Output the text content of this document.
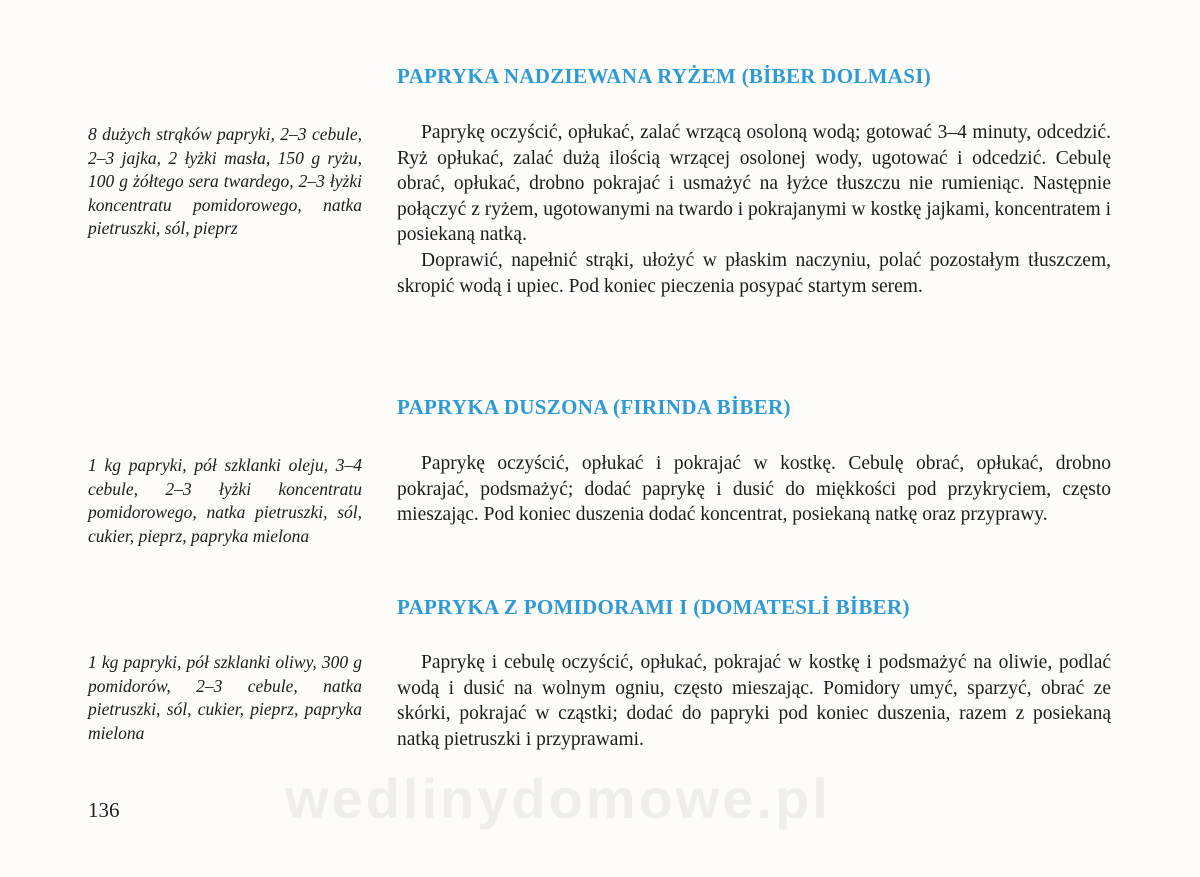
PAPRYKA NADZIEWANA RYŻEM (BİBER DOLMASI)

8 dużych strąków papryki, 2–3 cebule, 2–3 jajka, 2 łyżki masła, 150 g ryżu, 100 g żółtego sera twardego, 2–3 łyżki koncentratu pomidorowego, natka pietruszki, sól, pieprz

Paprykę oczyścić, opłukać, zalać wrzącą osoloną wodą; gotować 3–4 minuty, odcedzić. Ryż opłukać, zalać dużą ilością wrzącej osolonej wody, ugotować i odcedzić. Cebulę obrać, opłukać, drobno pokrajać i usmażyć na łyżce tłuszczu nie rumieniąc. Następnie połączyć z ryżem, ugotowanymi na twardo i pokrajanymi w kostkę jajkami, koncentratem i posiekaną natką.

Doprawić, napełnić strąki, ułożyć w płaskim naczyniu, polać pozostałym tłuszczem, skropić wodą i upiec. Pod koniec pieczenia posypać startym serem.

PAPRYKA DUSZONA (FIRINDA BİBER)

1 kg papryki, pół szklanki oleju, 3–4 cebule, 2–3 łyżki koncentratu pomidorowego, natka pietruszki, sól, cukier, pieprz, papryka mielona

Paprykę oczyścić, opłukać i pokrajać w kostkę. Cebulę obrać, opłukać, drobno pokrajać, podsmażyć; dodać paprykę i dusić do miękkości pod przykryciem, często mieszając. Pod koniec duszenia dodać koncentrat, posiekaną natkę oraz przyprawy.

PAPRYKA Z POMIDORAMI I (DOMATESLİ BİBER)

1 kg papryki, pół szklanki oliwy, 300 g pomidorów, 2–3 cebule, natka pietruszki, sól, cukier, pieprz, papryka mielona

Paprykę i cebulę oczyścić, opłukać, pokrajać w kostkę i podsmażyć na oliwie, podlać wodą i dusić na wolnym ogniu, często mieszając. Pomidory umyć, sparzyć, obrać ze skórki, pokrajać w cząstki; dodać do papryki pod koniec duszenia, razem z posiekaną natką pietruszki i przyprawami.

wedlinydomowe.pl

136
